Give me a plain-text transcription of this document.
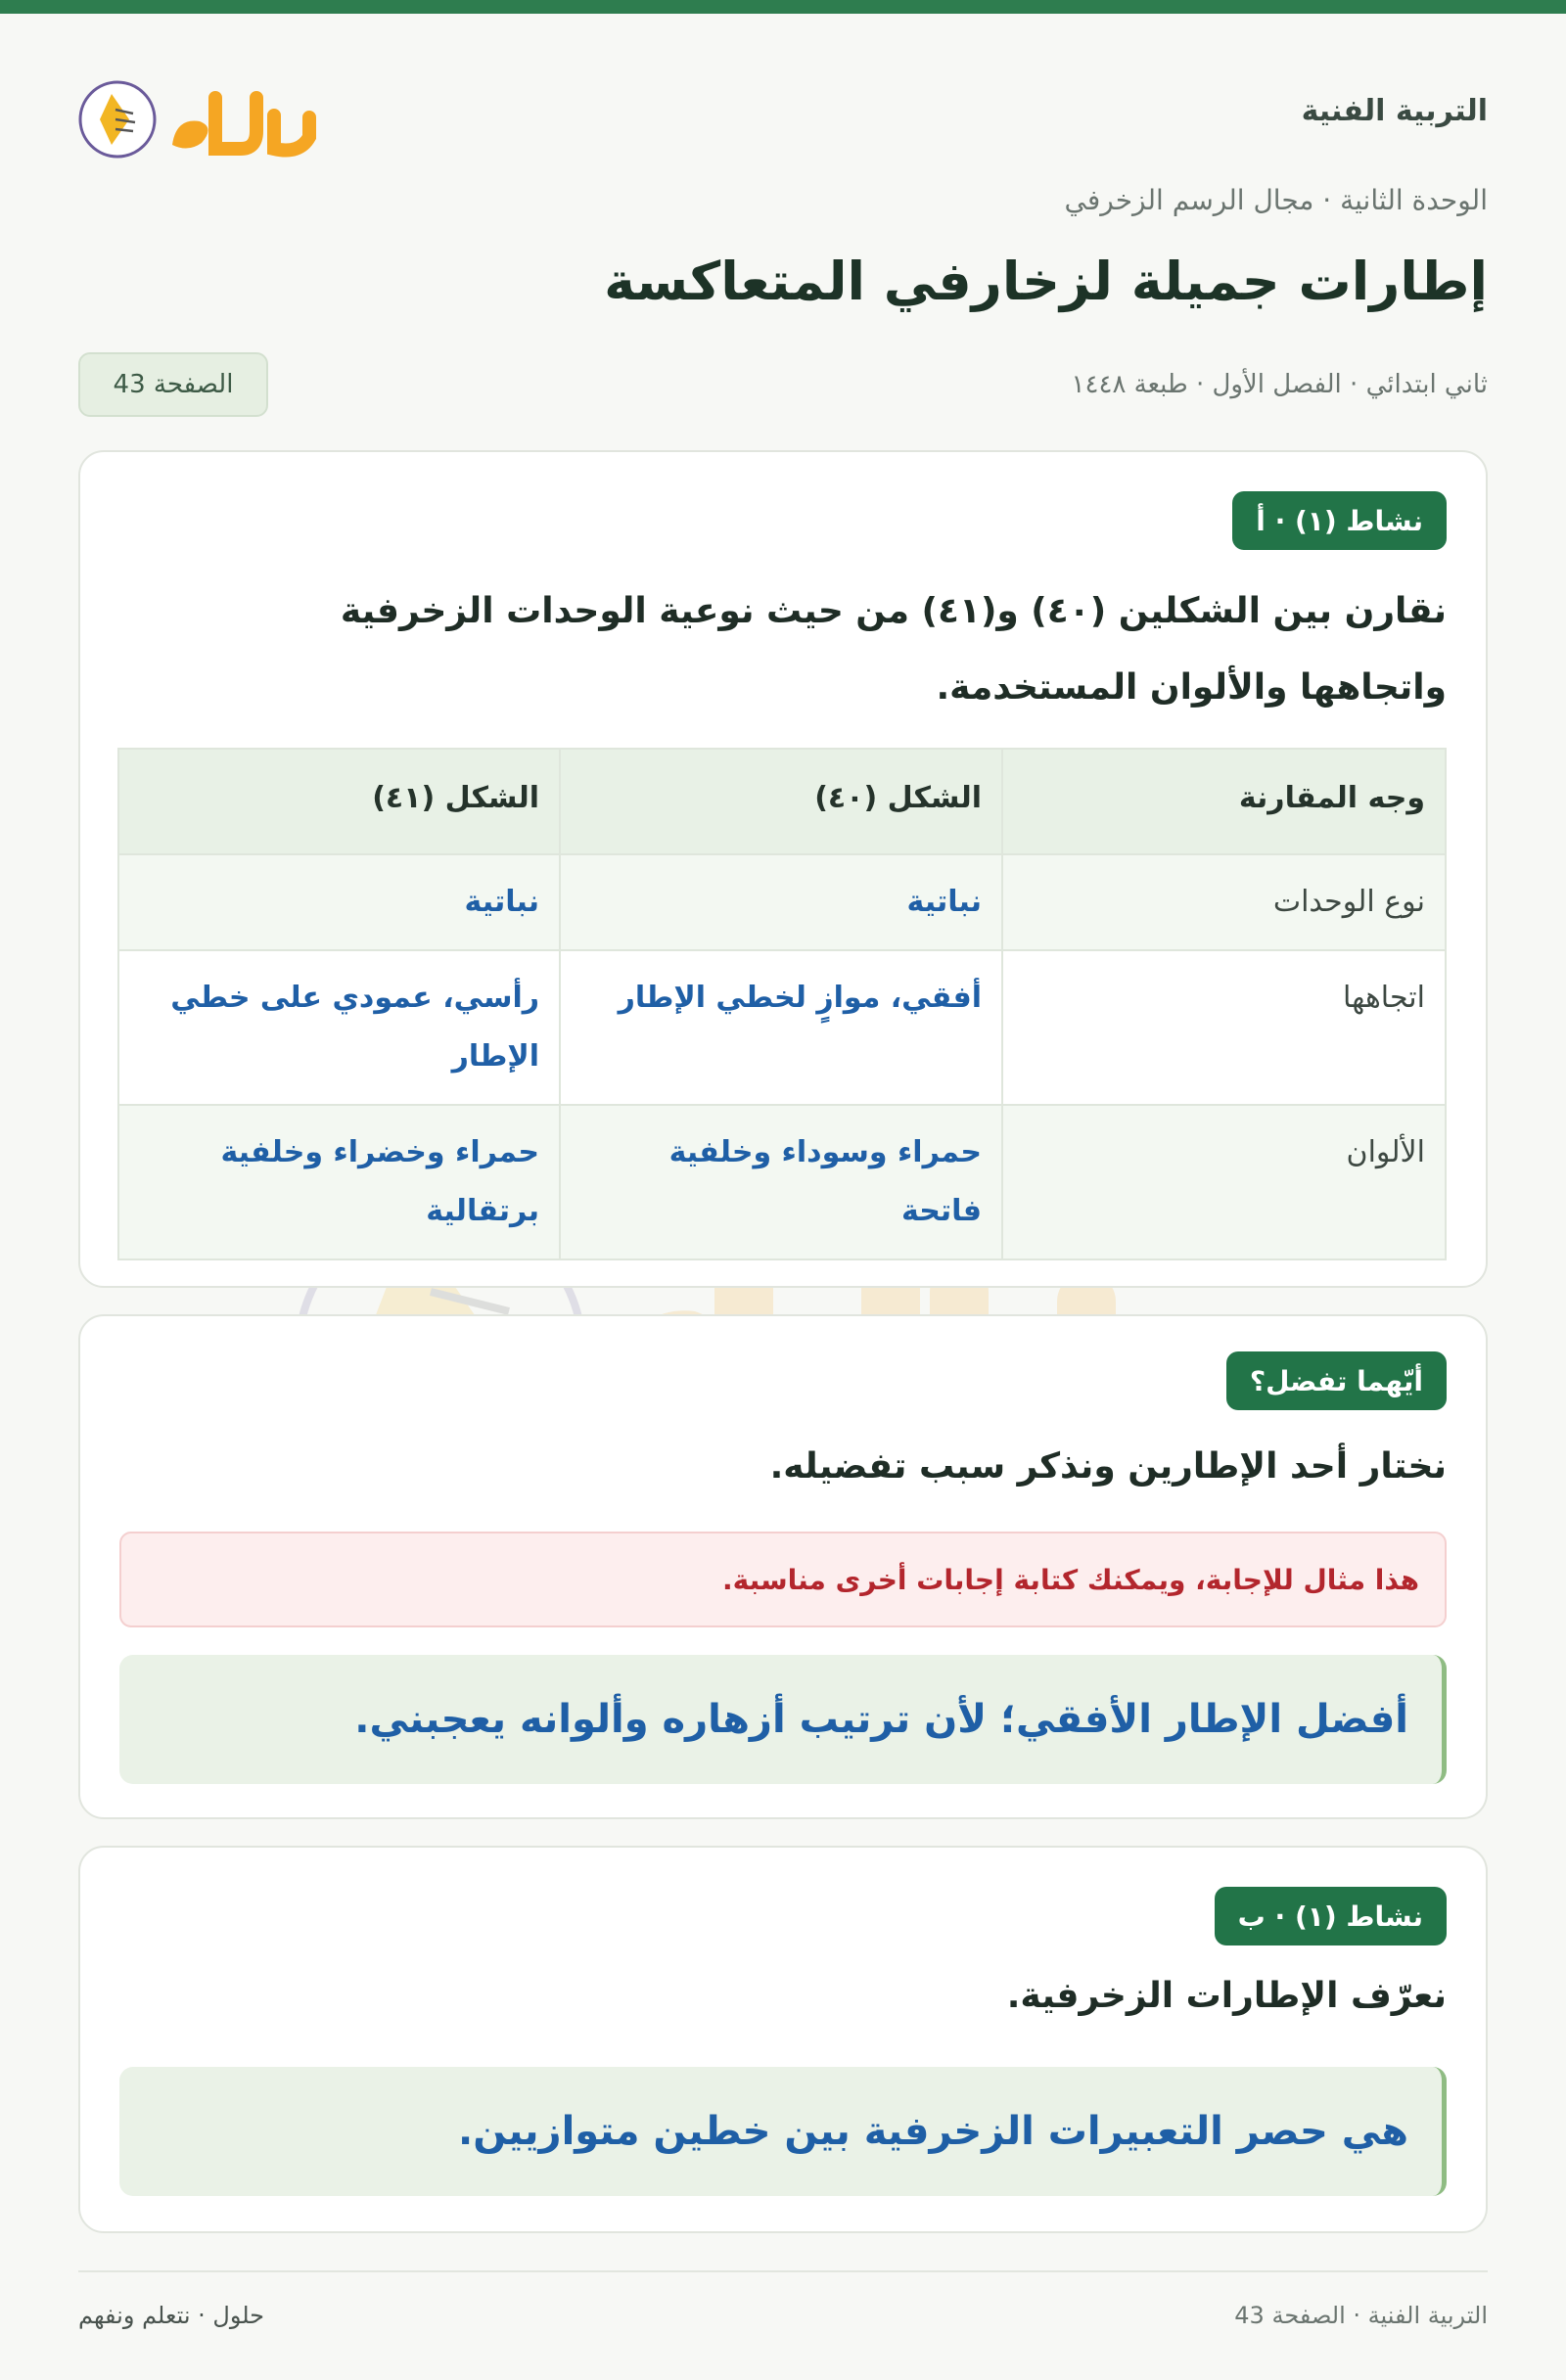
التربية الفنية
الوحدة الثانية · مجال الرسم الزخرفي
إطارات جميلة لزخارفي المتعاكسة
ثاني ابتدائي · الفصل الأول · طبعة ١٤٤٨
الصفحة 43
نشاط (١) · أ
نقارن بين الشكلين (٤٠) و(٤١) من حيث نوعية الوحدات الزخرفية
واتجاهها والألوان المستخدمة.
وجه المقارنة	الشكل (٤٠)	الشكل (٤١)
نوع الوحدات	نباتية	نباتية
اتجاهها	أفقي، موازٍ لخطي الإطار	رأسي، عمودي على خطي الإطار
الألوان	حمراء وسوداء وخلفية فاتحة	حمراء وخضراء وخلفية برتقالية
أيّهما تفضل؟
نختار أحد الإطارين ونذكر سبب تفضيله.
هذا مثال للإجابة، ويمكنك كتابة إجابات أخرى مناسبة.
أفضل الإطار الأفقي؛ لأن ترتيب أزهاره وألوانه يعجبني.
نشاط (١) · ب
نعرّف الإطارات الزخرفية.
هي حصر التعبيرات الزخرفية بين خطين متوازيين.
التربية الفنية · الصفحة 43
حلول · نتعلم ونفهم
